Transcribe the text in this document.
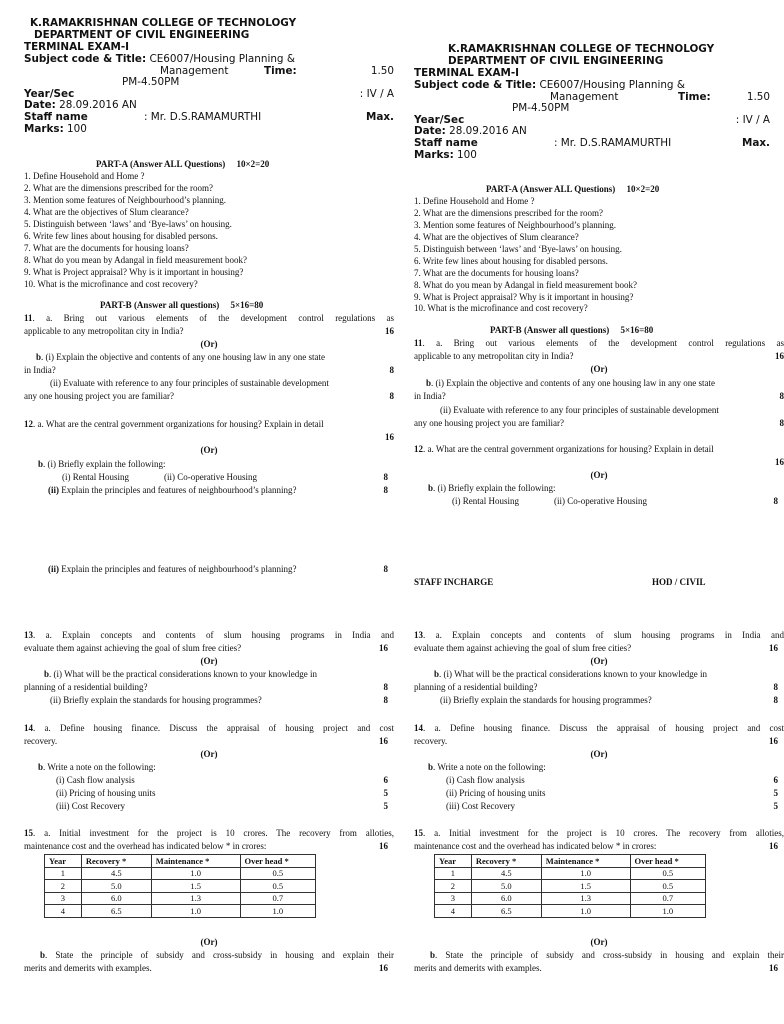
K.RAMAKRISHNAN COLLEGE OF TECHNOLOGY
DEPARTMENT OF CIVIL ENGINEERING
TERMINAL EXAM-I
Subject code & Title: CE6007/Housing Planning &
Management	Time:	1.50
PM-4.50PM
Year/Sec	: IV / A
Date: 28.09.2016 AN
Staff name	: Mr. D.S.RAMAMURTHI	Max.
Marks: 100
PART-A (Answer ALL Questions) 10×2=20
1. Define Household and Home ?
2. What are the dimensions prescribed for the room?
3. Mention some features of Neighbourhood’s planning.
4. What are the objectives of Slum clearance?
5. Distinguish between ‘laws’ and ‘Bye-laws’ on housing.
6. Write few lines about housing for disabled persons.
7. What are the documents for housing loans?
8. What do you mean by Adangal in field measurement book?
9. What is Project appraisal? Why is it important in housing?
10. What is the microfinance and cost recovery?
PART-B (Answer all questions) 5×16=80
11. a. Bring out various elements of the development control regulations as
applicable to any metropolitan city in India?	16
(Or)
b. (i) Explain the objective and contents of any one housing law in any one state
in India?	8
(ii) Evaluate with reference to any four principles of sustainable development
any one housing project you are familiar?	8
12. a. What are the central government organizations for housing? Explain in detail
16
(Or)
b. (i) Briefly explain the following:
(i) Rental Housing	(ii) Co-operative Housing	8
(ii) Explain the principles and features of neighbourhood’s planning?	8
(ii) Explain the principles and features of neighbourhood’s planning?	8
13. a. Explain concepts and contents of slum housing programs in India and
evaluate them against achieving the goal of slum free cities?	16
(Or)
b. (i) What will be the practical considerations known to your knowledge in
planning of a residential building?	8
(ii) Briefly explain the standards for housing programmes?	8
14. a. Define housing finance. Discuss the appraisal of housing project and cost
recovery.	16
(Or)
b. Write a note on the following:
(i) Cash flow analysis	6
(ii) Pricing of housing units	5
(iii) Cost Recovery	5
15. a. Initial investment for the project is 10 crores. The recovery from alloties,
maintenance cost and the overhead has indicated below * in crores:	16
Year	Recovery *	Maintenance *	Over head *
1	4.5	1.0	0.5
2	5.0	1.5	0.5
3	6.0	1.3	0.7
4	6.5	1.0	1.0
(Or)
b. State the principle of subsidy and cross-subsidy in housing and explain their
merits and demerits with examples.	16
K.RAMAKRISHNAN COLLEGE OF TECHNOLOGY
DEPARTMENT OF CIVIL ENGINEERING
TERMINAL EXAM-I
Subject code & Title: CE6007/Housing Planning &
Management	Time:	1.50
PM-4.50PM
Year/Sec	: IV / A
Date: 28.09.2016 AN
Staff name	: Mr. D.S.RAMAMURTHI	Max.
Marks: 100
PART-A (Answer ALL Questions) 10×2=20
1. Define Household and Home ?
2. What are the dimensions prescribed for the room?
3. Mention some features of Neighbourhood’s planning.
4. What are the objectives of Slum clearance?
5. Distinguish between ‘laws’ and ‘Bye-laws’ on housing.
6. Write few lines about housing for disabled persons.
7. What are the documents for housing loans?
8. What do you mean by Adangal in field measurement book?
9. What is Project appraisal? Why is it important in housing?
10. What is the microfinance and cost recovery?
PART-B (Answer all questions) 5×16=80
11. a. Bring out various elements of the development control regulations as
applicable to any metropolitan city in India?	16
(Or)
b. (i) Explain the objective and contents of any one housing law in any one state
in India?	8
(ii) Evaluate with reference to any four principles of sustainable development
any one housing project you are familiar?	8
12. a. What are the central government organizations for housing? Explain in detail
16
(Or)
b. (i) Briefly explain the following:
(i) Rental Housing	(ii) Co-operative Housing	8
STAFF INCHARGE	HOD / CIVIL
13. a. Explain concepts and contents of slum housing programs in India and
evaluate them against achieving the goal of slum free cities?	16
(Or)
b. (i) What will be the practical considerations known to your knowledge in
planning of a residential building?	8
(ii) Briefly explain the standards for housing programmes?	8
14. a. Define housing finance. Discuss the appraisal of housing project and cost
recovery.	16
(Or)
b. Write a note on the following:
(i) Cash flow analysis	6
(ii) Pricing of housing units	5
(iii) Cost Recovery	5
15. a. Initial investment for the project is 10 crores. The recovery from alloties,
maintenance cost and the overhead has indicated below * in crores:	16
Year	Recovery *	Maintenance *	Over head *
1	4.5	1.0	0.5
2	5.0	1.5	0.5
3	6.0	1.3	0.7
4	6.5	1.0	1.0
(Or)
b. State the principle of subsidy and cross-subsidy in housing and explain their
merits and demerits with examples.	16
